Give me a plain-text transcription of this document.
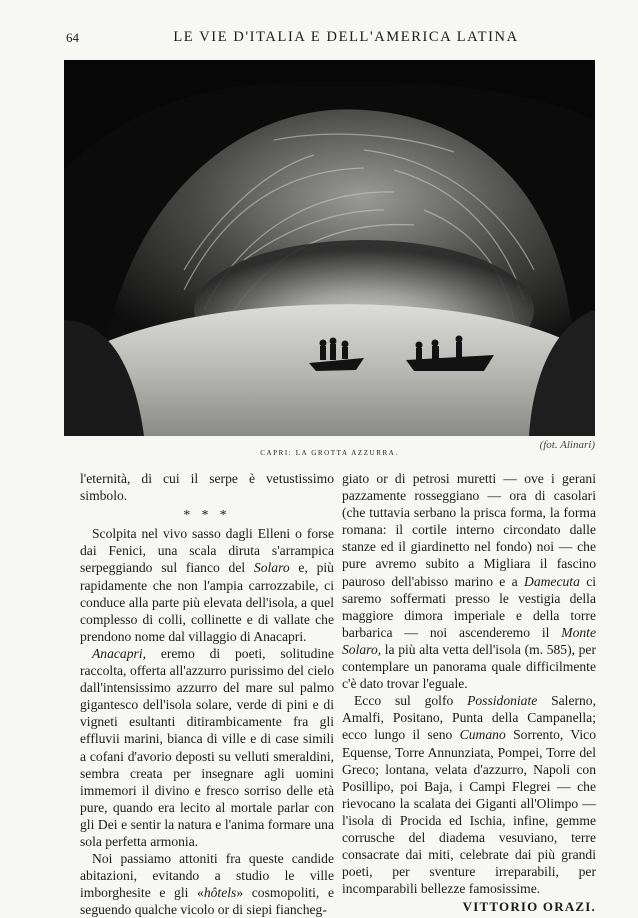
64	LE VIE D'ITALIA E DELL'AMERICA LATINA
CAPRI: LA GROTTA AZZURRA.
(fot. Alinari)

l'eternità, di cui il serpe è vetustissimo simbolo.

* * *

Scolpita nel vivo sasso dagli Elleni o forse dai Fenici, una scala diruta s'arrampica serpeggiando sul fianco del Solaro e, più rapidamente che non l'ampia carrozzabile, ci conduce alla parte più elevata dell'isola, a quel complesso di colli, collinette e di vallate che prendono nome dal villaggio di Anacapri.

Anacapri, eremo di poeti, solitudine raccolta, offerta all'azzurro purissimo del cielo dall'intensissimo azzurro del mare sul palmo gigantesco dell'isola solare, verde di pini e di vigneti esultanti ditirambicamente fra gli effluvii marini, bianca di ville e di case simili a cofani d'avorio deposti su velluti smeraldini, sembra creata per insegnare agli uomini immemori il divino e fresco sorriso delle età pure, quando era lecito al mortale parlar con gli Dei e sentir la natura e l'anima formare una sola perfetta armonia.

Noi passiamo attoniti fra queste candide abitazioni, evitando a studio le ville imborghesite e gli «hôtels» cosmopoliti, e seguendo qualche vicolo or di siepi fiancheg-

giato or di petrosi muretti — ove i gerani pazzamente rosseggiano — ora di casolari (che tuttavia serbano la prisca forma, la forma romana: il cortile interno circondato dalle stanze ed il giardinetto nel fondo) noi — che pure avremo subito a Migliara il fascino pauroso dell'abisso marino e a Damecuta ci saremo soffermati presso le vestigia della maggiore dimora imperiale e della torre barbarica — noi ascenderemo il Monte Solaro, la più alta vetta dell'isola (m. 585), per contemplare un panorama quale difficilmente c'è dato trovar l'eguale.

Ecco sul golfo Possidoniate Salerno, Amalfi, Positano, Punta della Campanella; ecco lungo il seno Cumano Sorrento, Vico Equense, Torre Annunziata, Pompei, Torre del Greco; lontana, velata d'azzurro, Napoli con Posillipo, poi Baja, i Campi Flegrei — che rievocano la scalata dei Giganti all'Olimpo — l'isola di Procida ed Ischia, infine, gemme corrusche del diadema vesuviano, terre consacrate dai miti, celebrate dai più grandi poeti, per sventure irreparabili, per incomparabili bellezze famosissime.

VITTORIO ORAZI.
